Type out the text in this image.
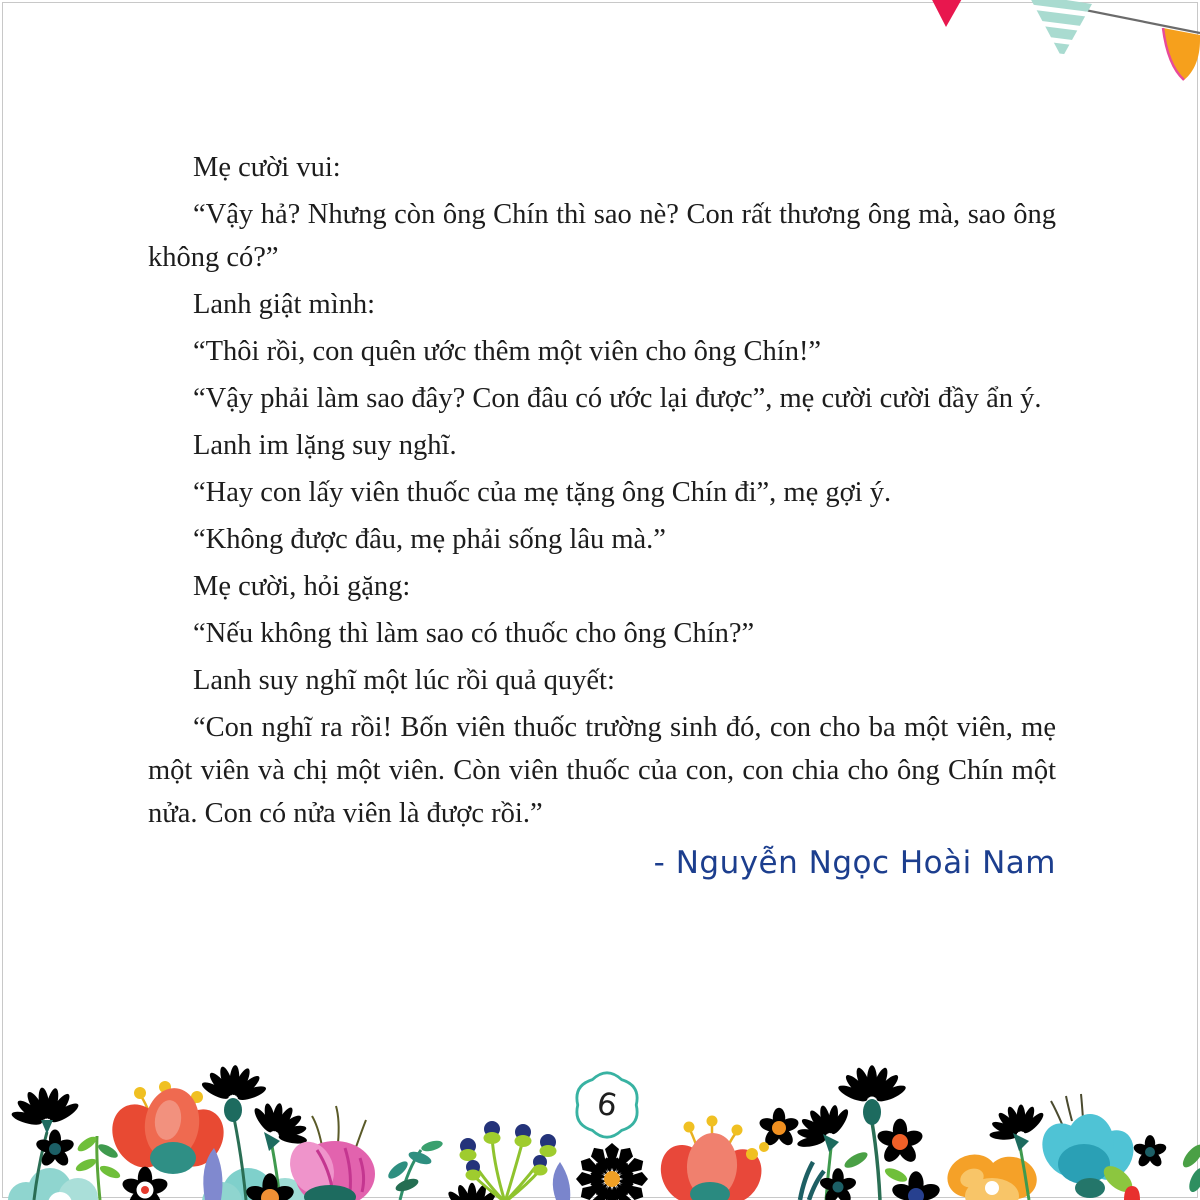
Mẹ cười vui:

“Vậy hả? Nhưng còn ông Chín thì sao nè? Con rất thương ông mà, sao ông không có?”

Lanh giật mình:

“Thôi rồi, con quên ước thêm một viên cho ông Chín!”

“Vậy phải làm sao đây? Con đâu có ước lại được”, mẹ cười cười đầy ẩn ý.

Lanh im lặng suy nghĩ.

“Hay con lấy viên thuốc của mẹ tặng ông Chín đi”, mẹ gợi ý.

“Không được đâu, mẹ phải sống lâu mà.”

Mẹ cười, hỏi gặng:

“Nếu không thì làm sao có thuốc cho ông Chín?”

Lanh suy nghĩ một lúc rồi quả quyết:

“Con nghĩ ra rồi! Bốn viên thuốc trường sinh đó, con cho ba một viên, mẹ một viên và chị một viên. Còn viên thuốc của con, con chia cho ông Chín một nửa. Con có nửa viên là được rồi.”

- Nguyễn Ngọc Hoài Nam
6
